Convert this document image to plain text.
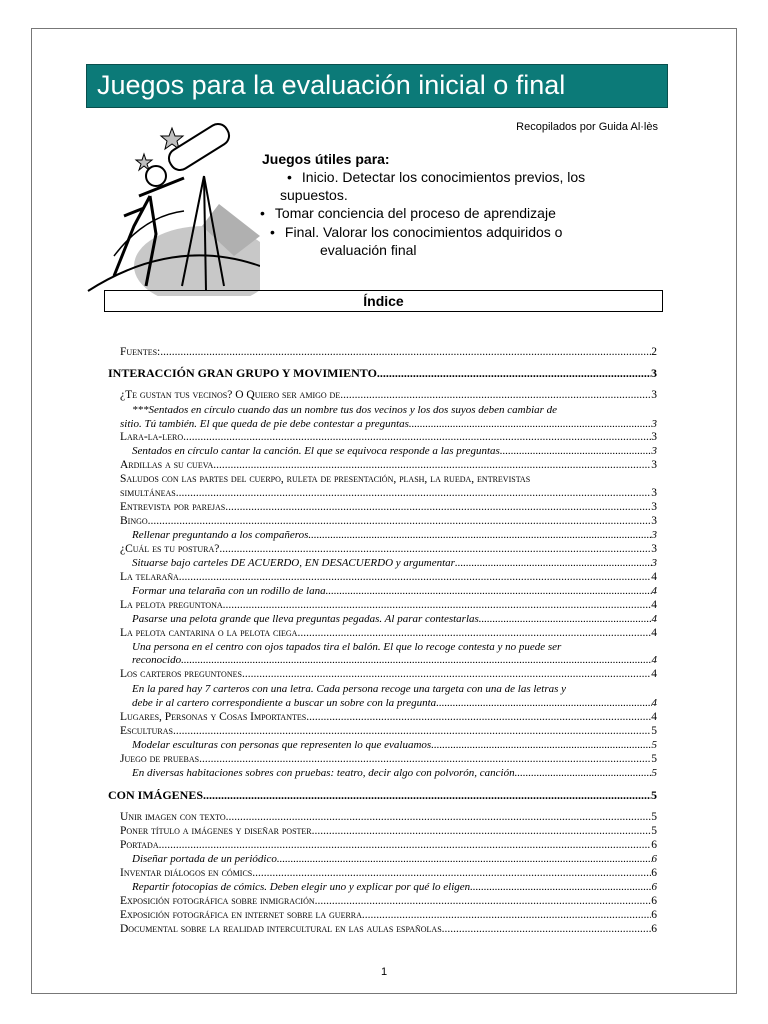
Juegos para la evaluación inicial o final
Recopilados por Guida Al·lès
Juegos útiles para:
• Inicio. Detectar los conocimientos previos, los
supuestos.
• Tomar conciencia del proceso de aprendizaje
• Final. Valorar los conocimientos adquiridos o
evaluación final
Índice
Fuentes: .....	2
INTERACCIÓN GRAN GRUPO Y MOVIMIENTO .....	3
¿Te gustan tus vecinos? O Quiero ser amigo de .....	3
***Sentados en círculo cuando das un nombre tus dos vecinos y los dos suyos deben cambiar de
sitio. Tú también. El que queda de pie debe contestar a preguntas .....	3
Lara-la-lero .....	3
Sentados en círculo cantar la canción. El que se equivoca responde a las preguntas .....	3
Ardillas a su cueva .....	3
Saludos con las partes del cuerpo, ruleta de presentación, plash, la rueda, entrevistas
simultáneas .....	3
Entrevista por parejas .....	3
Bingo .....	3
Rellenar preguntando a los compañeros .....	3
¿Cuál es tu postura? .....	3
Situarse bajo carteles DE ACUERDO, EN DESACUERDO y argumentar .....	3
La telaraña .....	4
Formar una telaraña con un rodillo de lana .....	4
La pelota preguntona .....	4
Pasarse una pelota grande que lleva preguntas pegadas. Al parar contestarlas .....	4
La pelota cantarina o la pelota ciega .....	4
Una persona en el centro con ojos tapados tira el balón. El que lo recoge contesta y no puede ser
reconocido .....	4
Los carteros preguntones .....	4
En la pared hay 7 carteros con una letra. Cada persona recoge una targeta con una de las letras y
debe ir al cartero correspondiente a buscar un sobre con la pregunta .....	4
Lugares, Personas y Cosas Importantes .....	4
Esculturas .....	5
Modelar esculturas con personas que representen lo que evaluamos .....	5
Juego de pruebas .....	5
En diversas habitaciones sobres con pruebas: teatro, decir algo con polvorón, canción .....	5
CON IMÁGENES .....	5
Unir imagen con texto .....	5
Poner título a imágenes y diseñar poster .....	5
Portada .....	6
Diseñar portada de un periódico .....	6
Inventar diálogos en cómics .....	6
Repartir fotocopias de cómics. Deben elegir uno y explicar por qué lo eligen .....	6
Exposición fotográfica sobre inmigración .....	6
Exposición fotográfica en internet sobre la guerra .....	6
Documental sobre la realidad intercultural en las aulas españolas .....	6
1
